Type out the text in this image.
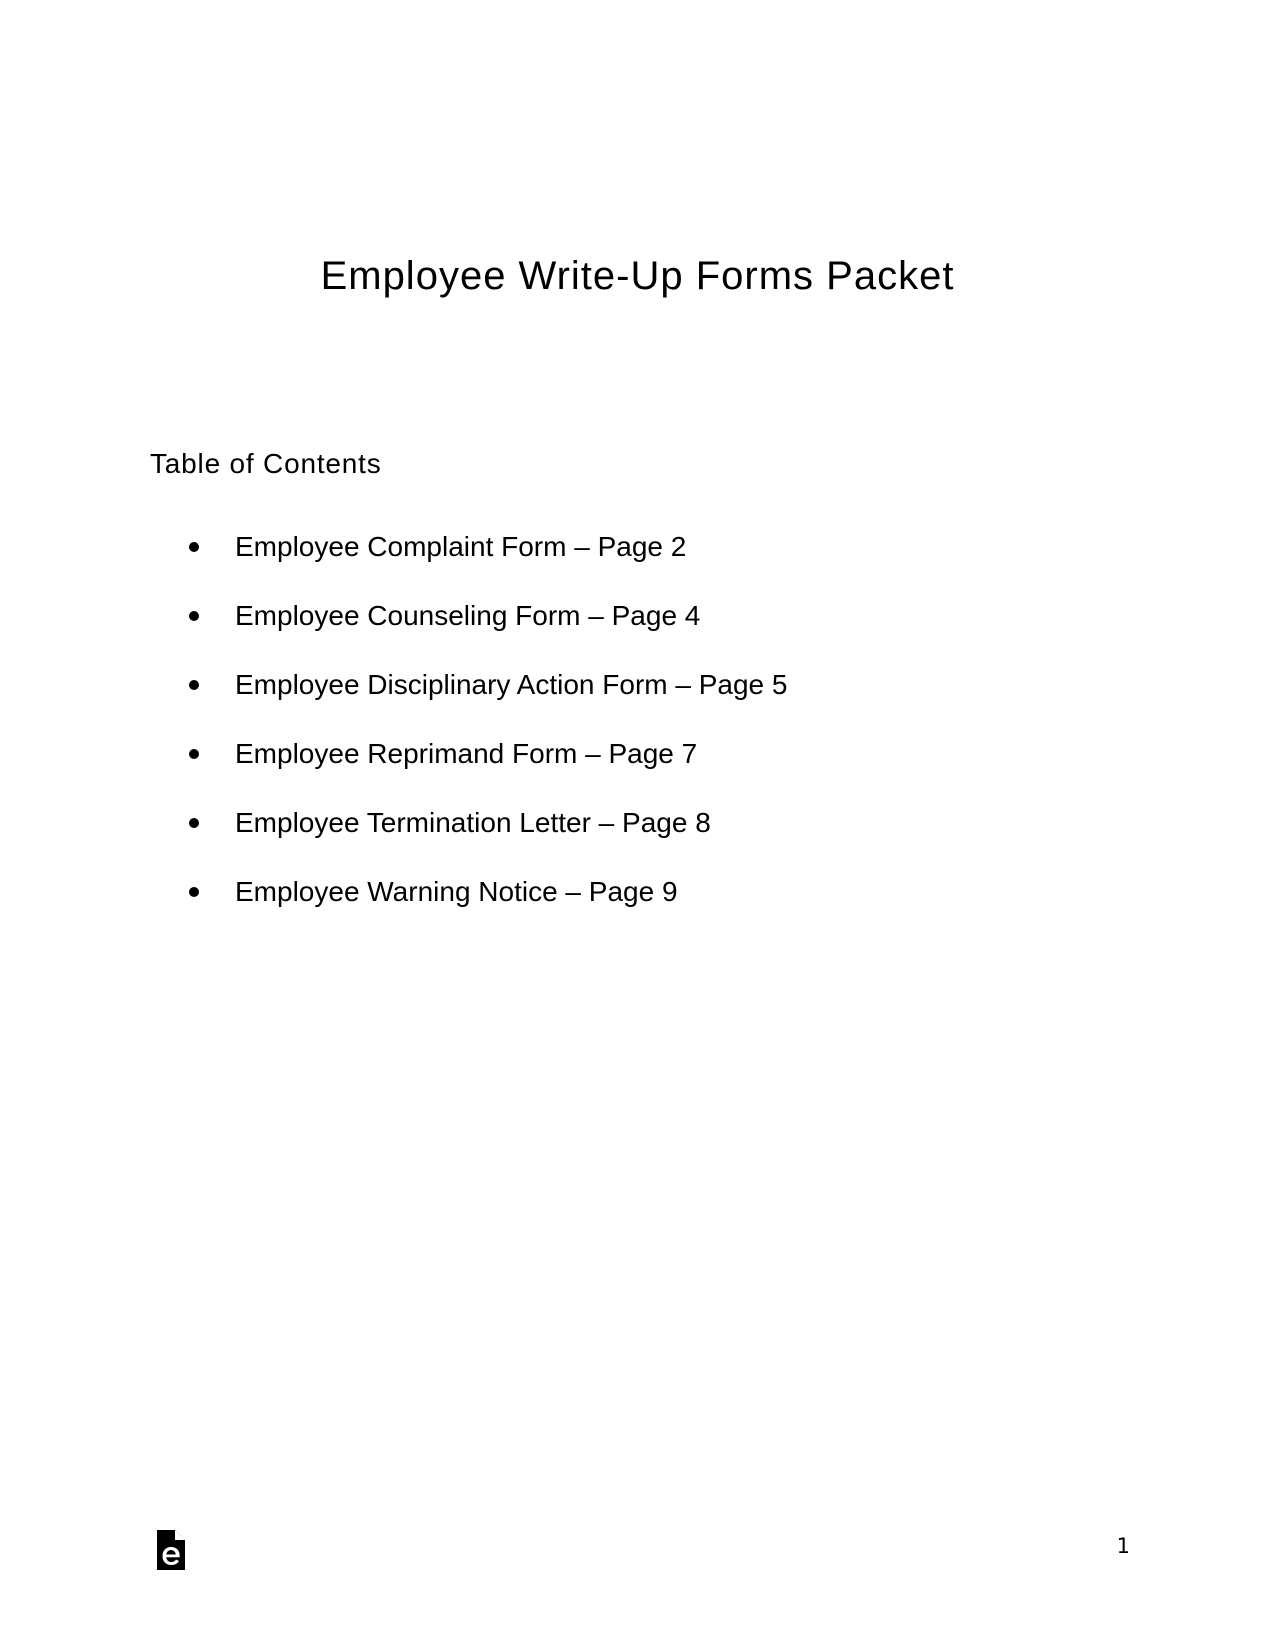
Employee Write-Up Forms Packet
Table of Contents
Employee Complaint Form – Page 2
Employee Counseling Form – Page 4
Employee Disciplinary Action Form – Page 5
Employee Reprimand Form – Page 7
Employee Termination Letter – Page 8
Employee Warning Notice – Page 9
1
